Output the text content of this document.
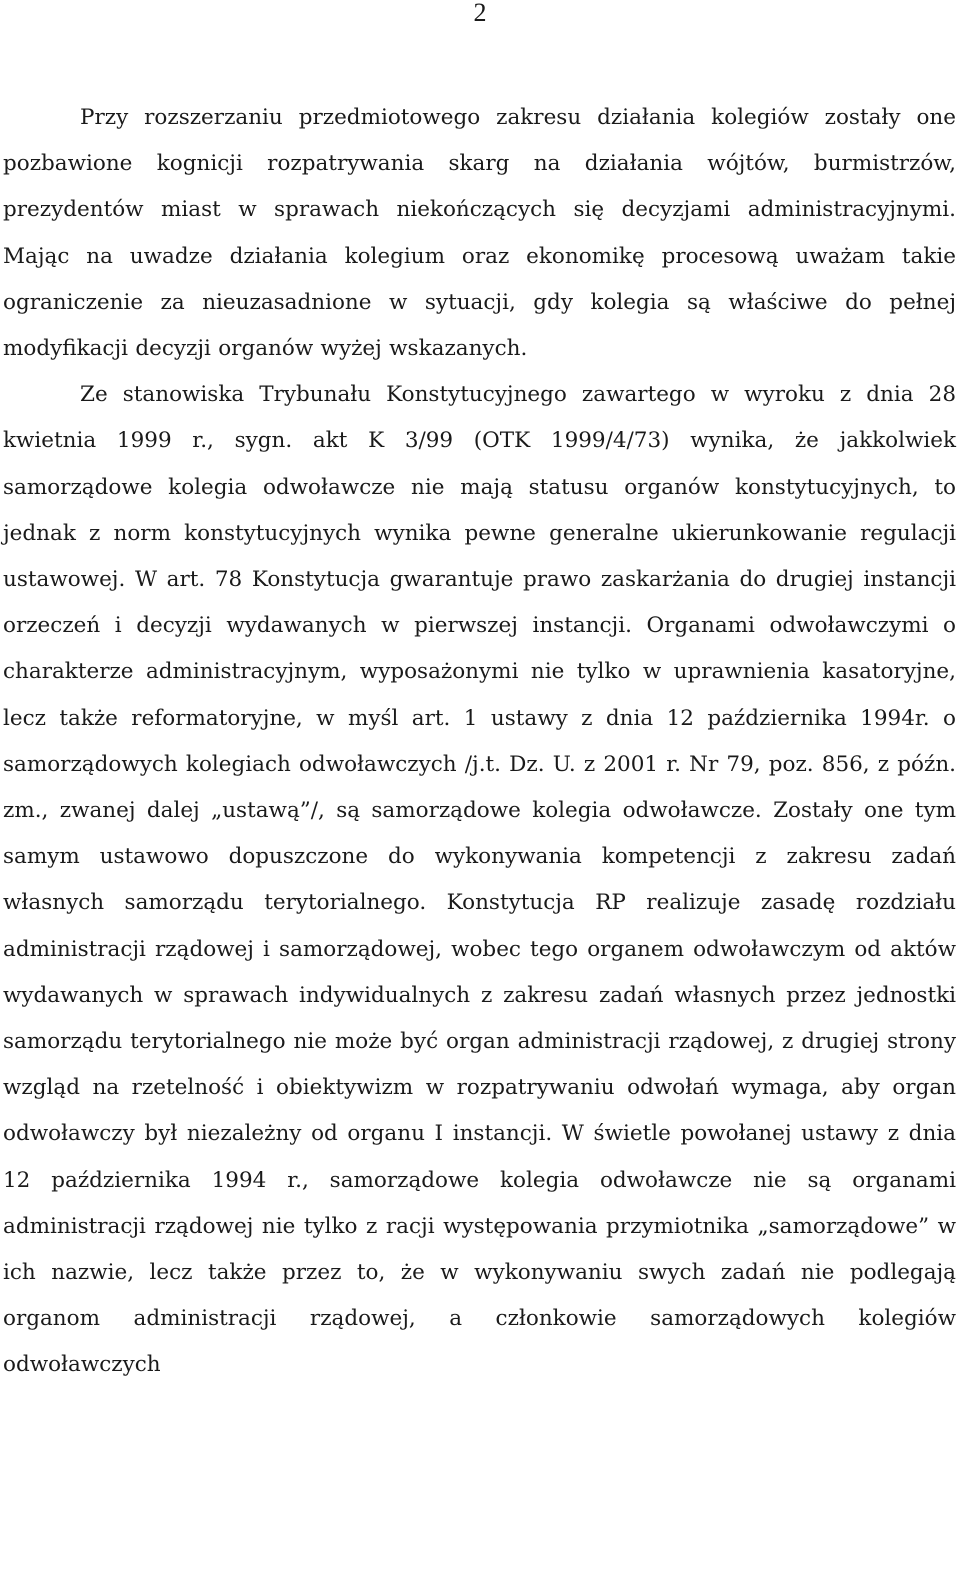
2

Przy rozszerzaniu przedmiotowego zakresu działania kolegiów zostały one pozbawione kognicji rozpatrywania skarg na działania wójtów, burmistrzów, prezydentów miast w sprawach niekończących się decyzjami administracyjnymi. Mając na uwadze działania kolegium oraz ekonomikę procesową uważam takie ograniczenie za nieuzasadnione w sytuacji, gdy kolegia są właściwe do pełnej modyfikacji decyzji organów wyżej wskazanych.

Ze stanowiska Trybunału Konstytucyjnego zawartego w wyroku z dnia 28 kwietnia 1999 r., sygn. akt K 3/99 (OTK 1999/4/73) wynika, że jakkolwiek samorządowe kolegia odwoławcze nie mają statusu organów konstytucyjnych, to jednak z norm konstytucyjnych wynika pewne generalne ukierunkowanie regulacji ustawowej. W art. 78 Konstytucja gwarantuje prawo zaskarżania do drugiej instancji orzeczeń i decyzji wydawanych w pierwszej instancji. Organami odwoławczymi o charakterze administracyjnym, wyposażonymi nie tylko w uprawnienia kasatoryjne, lecz także reformatoryjne, w myśl art. 1 ustawy z dnia 12 października 1994r. o samorządowych kolegiach odwoławczych /j.t. Dz. U. z 2001 r. Nr 79, poz. 856, z późn. zm., zwanej dalej „ustawą”/, są samorządowe kolegia odwoławcze. Zostały one tym samym ustawowo dopuszczone do wykonywania kompetencji z zakresu zadań własnych samorządu terytorialnego. Konstytucja RP realizuje zasadę rozdziału administracji rządowej i samorządowej, wobec tego organem odwoławczym od aktów wydawanych w sprawach indywidualnych z zakresu zadań własnych przez jednostki samorządu terytorialnego nie może być organ administracji rządowej, z drugiej strony wzgląd na rzetelność i obiektywizm w rozpatrywaniu odwołań wymaga, aby organ odwoławczy był niezależny od organu I instancji. W świetle powołanej ustawy z dnia 12 października 1994 r., samorządowe kolegia odwoławcze nie są organami administracji rządowej nie tylko z racji występowania przymiotnika „samorządowe” w ich nazwie, lecz także przez to, że w wykonywaniu swych zadań nie podlegają organom administracji rządowej, a członkowie samorządowych kolegiów odwoławczych
